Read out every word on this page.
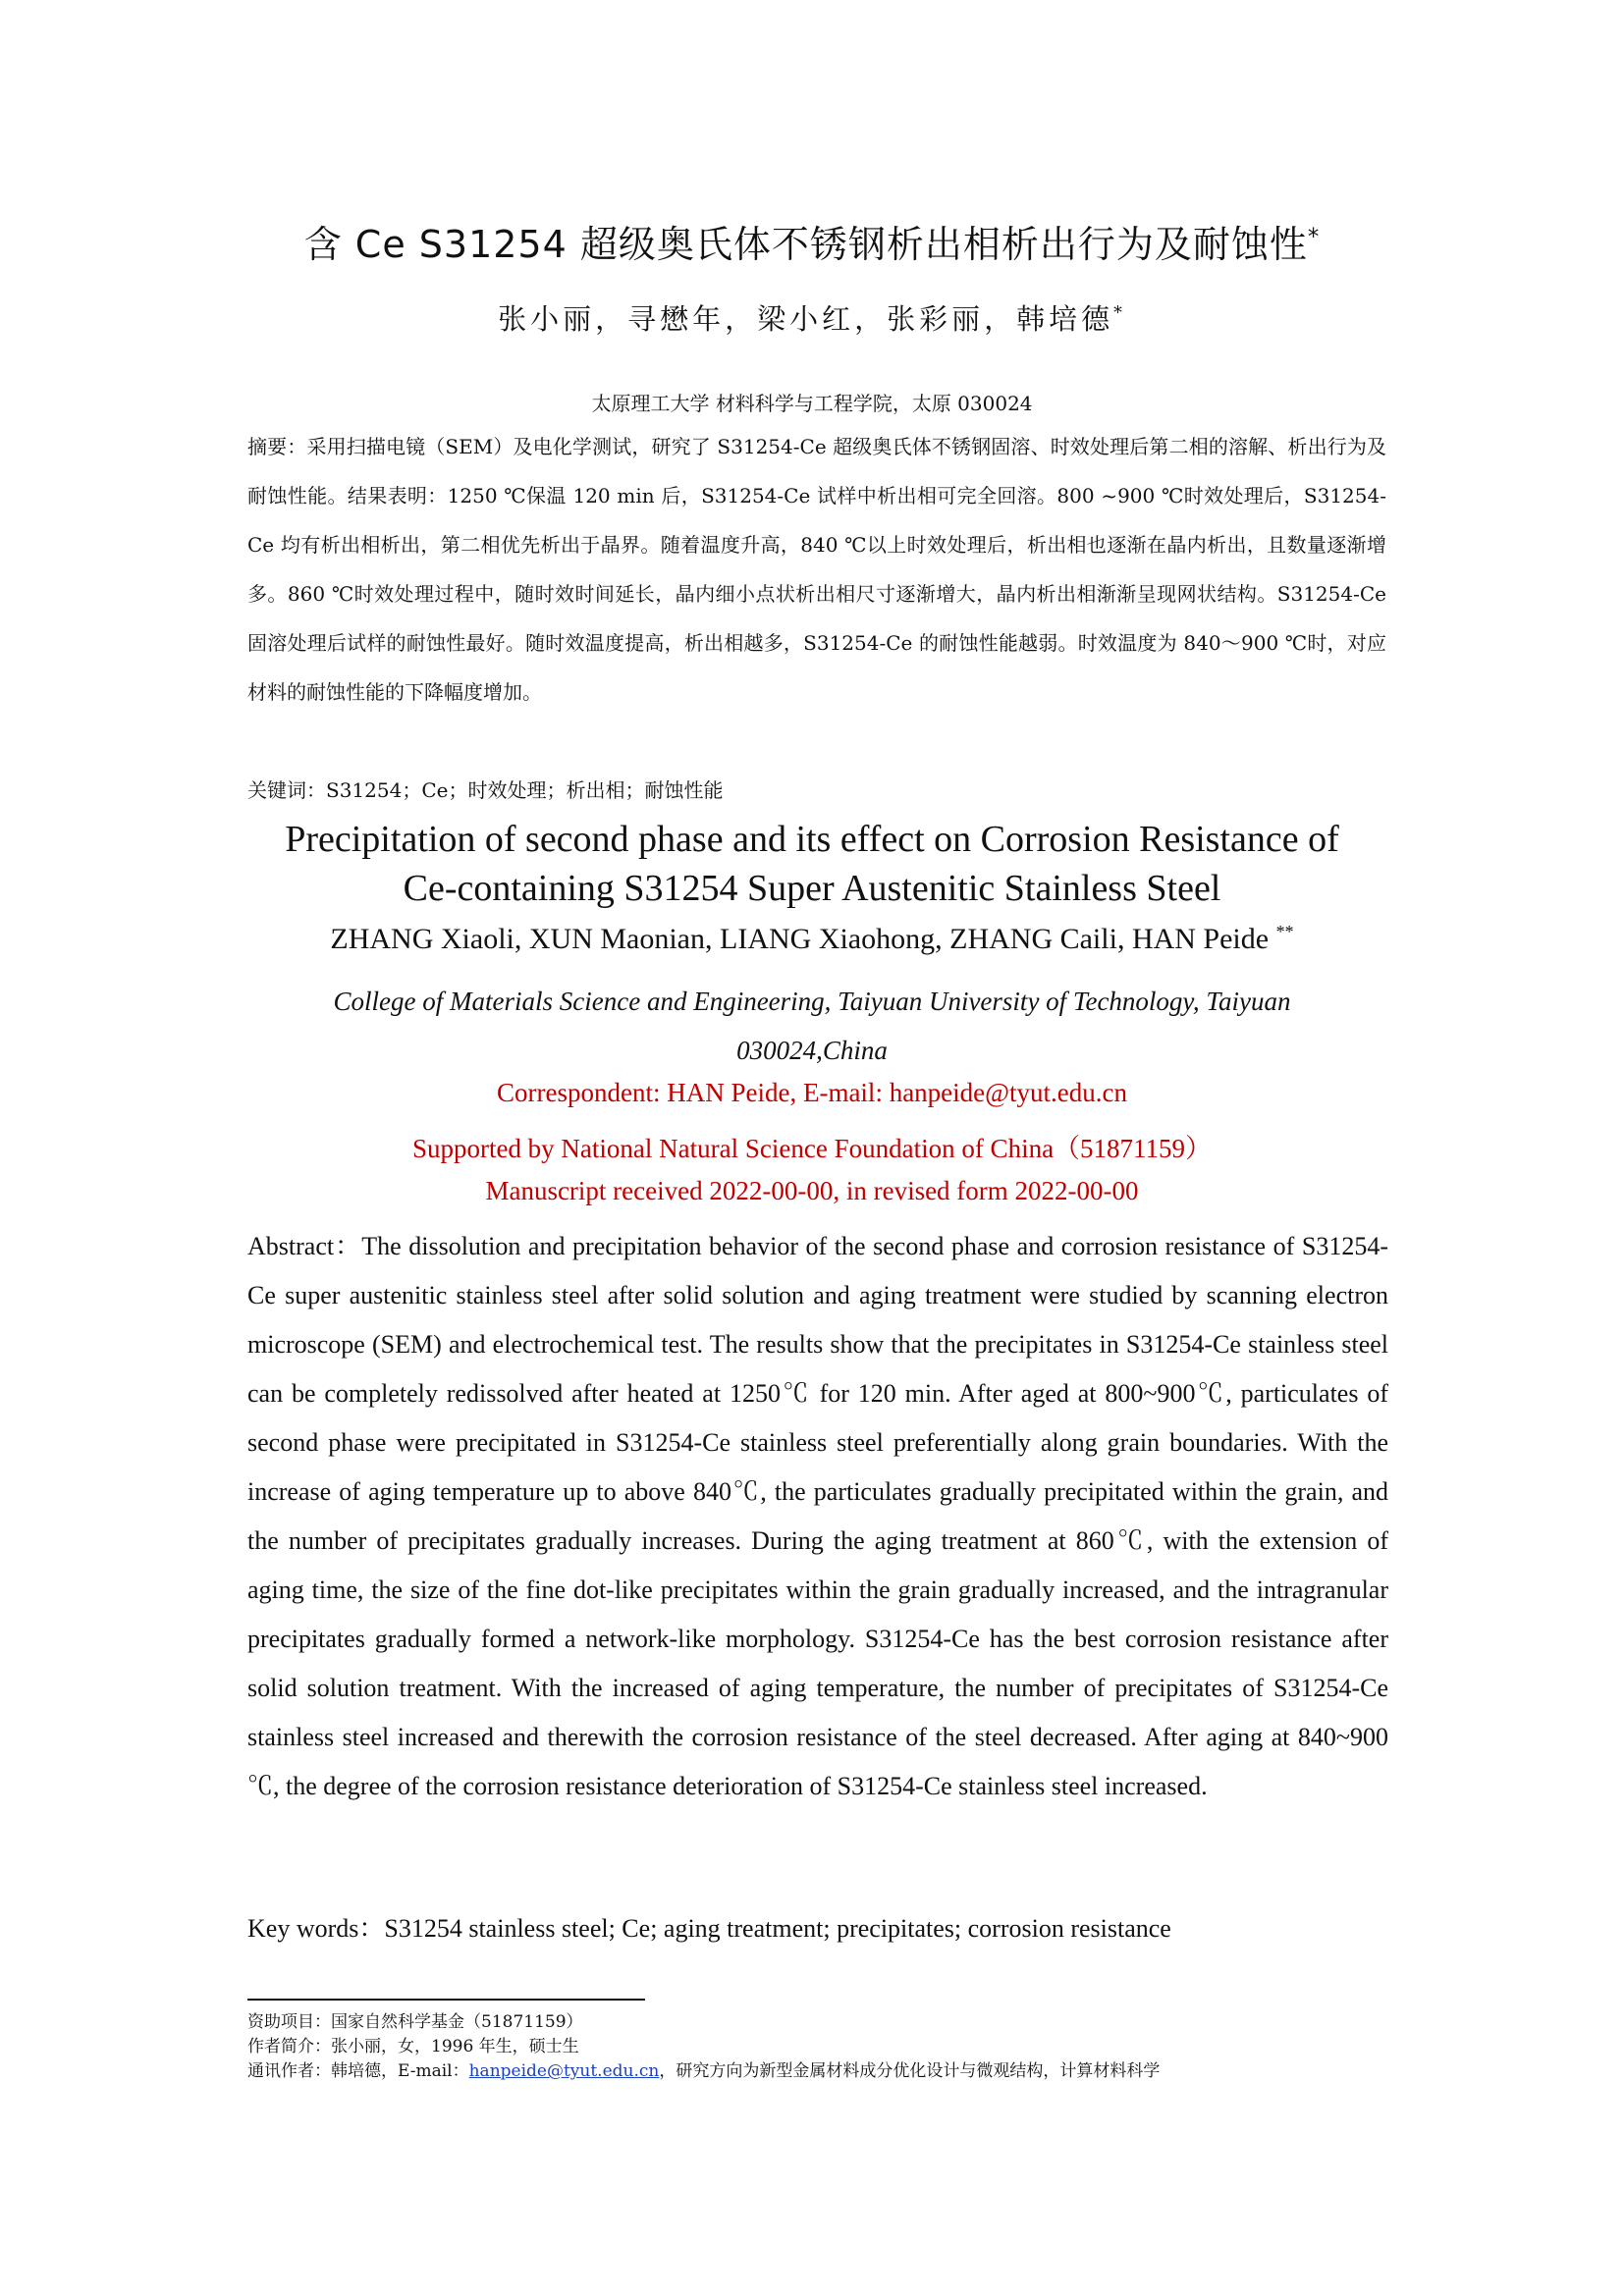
含 Ce S31254 超级奥氏体不锈钢析出相析出行为及耐蚀性*
张小丽，寻懋年，梁小红，张彩丽，韩培德*
太原理工大学 材料科学与工程学院，太原 030024

摘要：采用扫描电镜（SEM）及电化学测试，研究了 S31254-Ce 超级奥氏体不锈钢固溶、时效处理后第二相的溶解、析出行为及耐蚀性能。结果表明：1250 ℃保温 120 min 后，S31254-Ce 试样中析出相可完全回溶。800 ~900 ℃时效处理后，S31254-Ce 均有析出相析出，第二相优先析出于晶界。随着温度升高，840 ℃以上时效处理后，析出相也逐渐在晶内析出，且数量逐渐增多。860 ℃时效处理过程中，随时效时间延长，晶内细小点状析出相尺寸逐渐增大，晶内析出相渐渐呈现网状结构。S31254-Ce 固溶处理后试样的耐蚀性最好。随时效温度提高，析出相越多，S31254-Ce 的耐蚀性能越弱。时效温度为 840～900 ℃时，对应材料的耐蚀性能的下降幅度增加。

关键词：S31254；Ce；时效处理；析出相；耐蚀性能

Precipitation of second phase and its effect on Corrosion Resistance of
Ce-containing S31254 Super Austenitic Stainless Steel
ZHANG Xiaoli, XUN Maonian, LIANG Xiaohong, ZHANG Caili, HAN Peide **
College of Materials Science and Engineering, Taiyuan University of Technology, Taiyuan
030024,China
Correspondent: HAN Peide, E-mail: hanpeide@tyut.edu.cn
Supported by National Natural Science Foundation of China（51871159）
Manuscript received 2022-00-00, in revised form 2022-00-00

Abstract：The dissolution and precipitation behavior of the second phase and corrosion resistance of S31254-Ce super austenitic stainless steel after solid solution and aging treatment were studied by scanning electron microscope (SEM) and electrochemical test. The results show that the precipitates in S31254-Ce stainless steel can be completely redissolved after heated at 1250℃ for 120 min. After aged at 800~900℃, particulates of second phase were precipitated in S31254-Ce stainless steel preferentially along grain boundaries. With the increase of aging temperature up to above 840℃, the particulates gradually precipitated within the grain, and the number of precipitates gradually increases. During the aging treatment at 860℃, with the extension of aging time, the size of the fine dot-like precipitates within the grain gradually increased, and the intragranular precipitates gradually formed a network-like morphology. S31254-Ce has the best corrosion resistance after solid solution treatment. With the increased of aging temperature, the number of precipitates of S31254-Ce stainless steel increased and therewith the corrosion resistance of the steel decreased. After aging at 840~900 ℃, the degree of the corrosion resistance deterioration of S31254-Ce stainless steel increased.

Key words：S31254 stainless steel; Ce; aging treatment; precipitates; corrosion resistance
资助项目：国家自然科学基金（51871159）
作者简介：张小丽，女，1996 年生，硕士生
通讯作者：韩培德，E-mail：hanpeide@tyut.edu.cn，研究方向为新型金属材料成分优化设计与微观结构，计算材料科学
